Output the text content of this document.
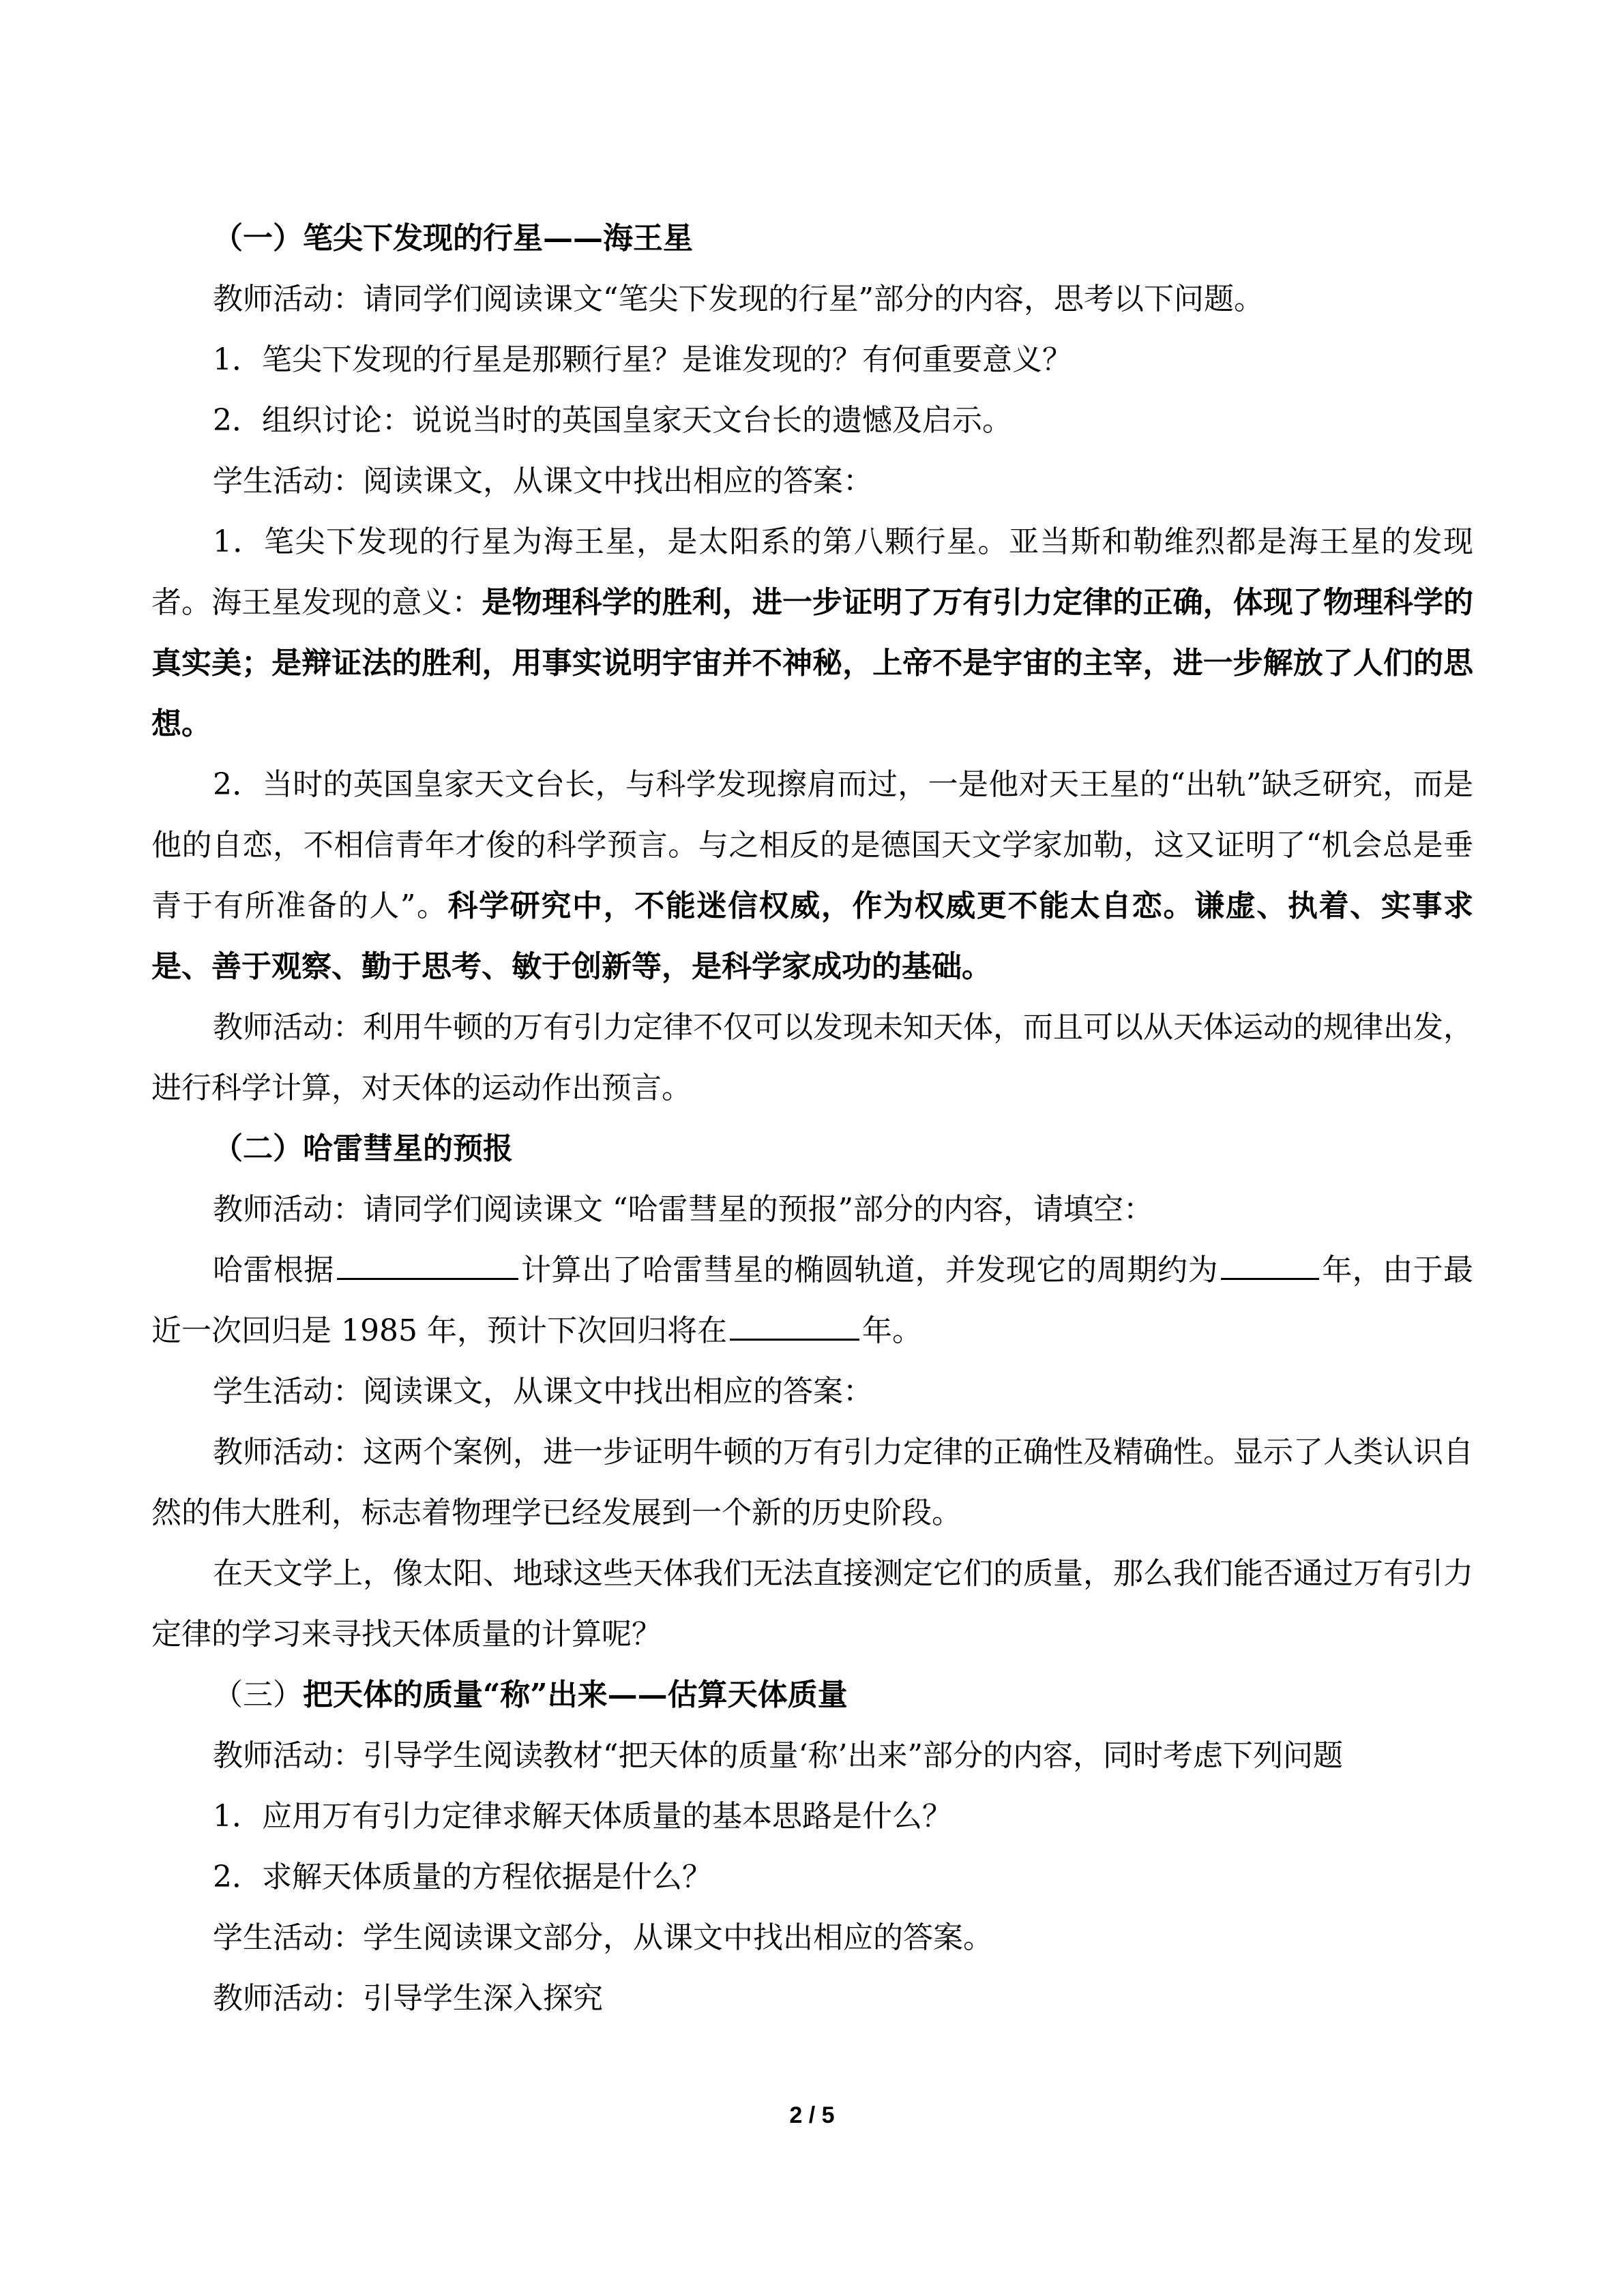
（一）笔尖下发现的行星——海王星

教师活动：请同学们阅读课文“笔尖下发现的行星”部分的内容，思考以下问题。

1．笔尖下发现的行星是那颗行星？是谁发现的？有何重要意义？

2．组织讨论：说说当时的英国皇家天文台长的遗憾及启示。

学生活动：阅读课文，从课文中找出相应的答案：

1．笔尖下发现的行星为海王星，是太阳系的第八颗行星。亚当斯和勒维烈都是海王星的发现者。海王星发现的意义：是物理科学的胜利，进一步证明了万有引力定律的正确，体现了物理科学的真实美；是辩证法的胜利，用事实说明宇宙并不神秘，上帝不是宇宙的主宰，进一步解放了人们的思想。

2．当时的英国皇家天文台长，与科学发现擦肩而过，一是他对天王星的“出轨”缺乏研究，而是他的自恋，不相信青年才俊的科学预言。与之相反的是德国天文学家加勒，这又证明了“机会总是垂青于有所准备的人”。科学研究中，不能迷信权威，作为权威更不能太自恋。谦虚、执着、实事求是、善于观察、勤于思考、敏于创新等，是科学家成功的基础。

教师活动：利用牛顿的万有引力定律不仅可以发现未知天体，而且可以从天体运动的规律出发，进行科学计算，对天体的运动作出预言。

（二）哈雷彗星的预报

教师活动：请同学们阅读课文 “哈雷彗星的预报”部分的内容，请填空：

哈雷根据	计算出了哈雷彗星的椭圆轨道，并发现它的周期约为	年，由于最近一次回归是 1985 年，预计下次回归将在	年。

学生活动：阅读课文，从课文中找出相应的答案：

教师活动：这两个案例，进一步证明牛顿的万有引力定律的正确性及精确性。显示了人类认识自然的伟大胜利，标志着物理学已经发展到一个新的历史阶段。

在天文学上，像太阳、地球这些天体我们无法直接测定它们的质量，那么我们能否通过万有引力定律的学习来寻找天体质量的计算呢？

（三）把天体的质量“称”出来——估算天体质量

教师活动：引导学生阅读教材“把天体的质量‘称’出来”部分的内容，同时考虑下列问题

1．应用万有引力定律求解天体质量的基本思路是什么？

2．求解天体质量的方程依据是什么？

学生活动：学生阅读课文部分，从课文中找出相应的答案。

教师活动：引导学生深入探究

2 / 5
